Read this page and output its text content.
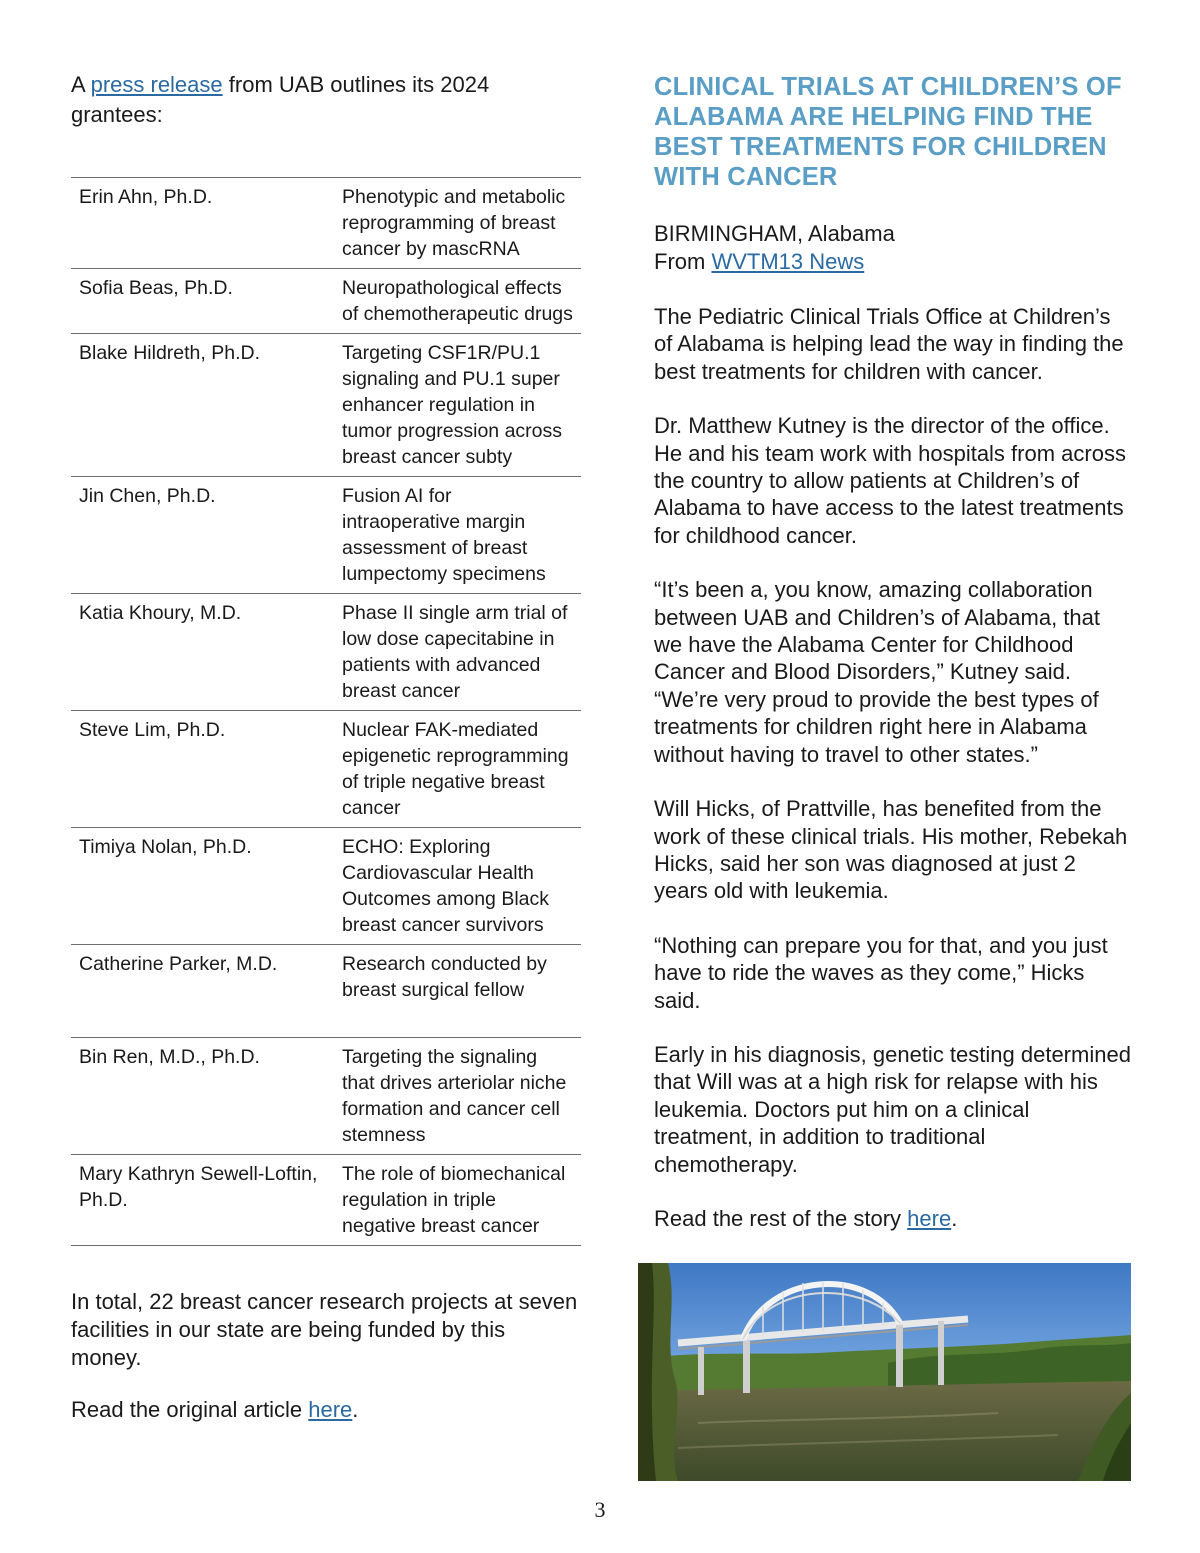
A press release from UAB outlines its 2024 grantees:

Erin Ahn, Ph.D.	Phenotypic and metabolic reprogramming of breast cancer by mascRNA
Sofia Beas, Ph.D.	Neuropathological effects of chemotherapeutic drugs
Blake Hildreth, Ph.D.	Targeting CSF1R/PU.1 signaling and PU.1 super enhancer regulation in tumor progression across breast cancer subty
Jin Chen, Ph.D.	Fusion AI for intraoperative margin assessment of breast lumpectomy specimens
Katia Khoury, M.D.	Phase II single arm trial of low dose capecitabine in patients with advanced breast cancer
Steve Lim, Ph.D.	Nuclear FAK-mediated epigenetic reprogramming of triple negative breast cancer
Timiya Nolan, Ph.D.	ECHO: Exploring Cardiovascular Health Outcomes among Black breast cancer survivors
Catherine Parker, M.D.	Research conducted by breast surgical fellow
Bin Ren, M.D., Ph.D.	Targeting the signaling that drives arteriolar niche formation and cancer cell stemness
Mary Kathryn Sewell-Loftin, Ph.D.	The role of biomechanical regulation in triple negative breast cancer

In total, 22 breast cancer research projects at seven facilities in our state are being funded by this money.

Read the original article here.

CLINICAL TRIALS AT CHILDREN’S OF ALABAMA ARE HELPING FIND THE BEST TREATMENTS FOR CHILDREN WITH CANCER

BIRMINGHAM, Alabama
From WVTM13 News

The Pediatric Clinical Trials Office at Children’s of Alabama is helping lead the way in finding the best treatments for children with cancer.

Dr. Matthew Kutney is the director of the office. He and his team work with hospitals from across the country to allow patients at Children’s of Alabama to have access to the latest treatments for childhood cancer.

“It’s been a, you know, amazing collaboration between UAB and Children’s of Alabama, that we have the Alabama Center for Childhood Cancer and Blood Disorders,” Kutney said. “We’re very proud to provide the best types of treatments for children right here in Alabama without having to travel to other states.”

Will Hicks, of Prattville, has benefited from the work of these clinical trials. His mother, Rebekah Hicks, said her son was diagnosed at just 2 years old with leukemia.

“Nothing can prepare you for that, and you just have to ride the waves as they come,” Hicks said.

Early in his diagnosis, genetic testing determined that Will was at a high risk for relapse with his leukemia. Doctors put him on a clinical treatment, in addition to traditional chemotherapy.

Read the rest of the story here.

3
